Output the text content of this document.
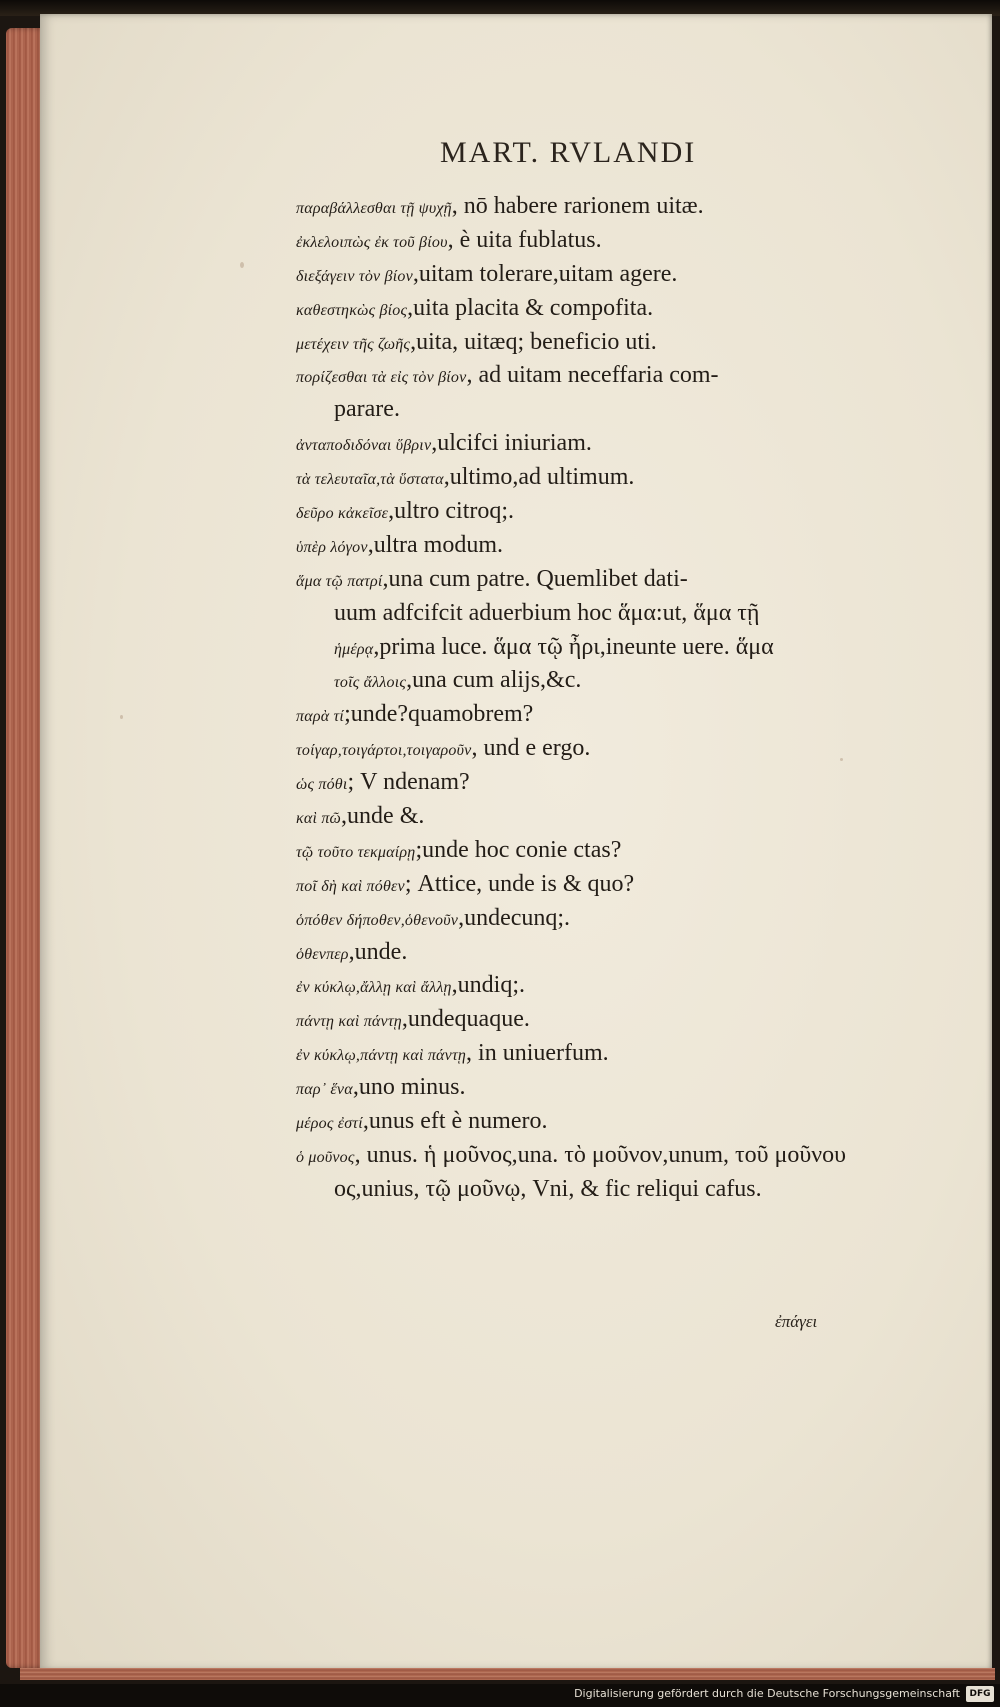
MART. RVLANDI
παραβάλλεσθαι τῇ ψυχῇ, nō habere rarionem uitæ.
ἐκλελοιπὼς ἐκ τοῦ βίου, è uita fublatus.
διεξάγειν τὸν βίον,uitam tolerare,uitam agere.
καθεστηκὼς βίος,uita placita & compofita.
μετέχειν τῆς ζωῆς,uita, uitæq; beneficio uti.
πορίζεσθαι τὰ εἰς τὸν βίον, ad uitam neceffaria com-
parare.
ἀνταποδιδόναι ὕβριν,ulcifci iniuriam.
τὰ τελευταῖα,τὰ ὕστατα,ultimo,ad ultimum.
δεῦρο κἀκεῖσε,ultro citroq;.
ὑπὲρ λόγον,ultra modum.
ἅμα τῷ πατρί,una cum patre. Quemlibet dati-
uum adfcifcit aduerbium hoc ἅμα:ut, ἅμα τῇ
ἡμέρᾳ,prima luce. ἅμα τῷ ἦρι,ineunte uere. ἅμα
τοῖς ἄλλοις,una cum alijs,&c.
παρὰ τί;unde?quamobrem?
τοίγαρ,τοιγάρτοι,τοιγαροῦν, und e ergo.
ὡς πόθι; V ndenam?
καὶ πῶ,unde &.
τῷ τοῦτο τεκμαίρῃ;unde hoc conie ctas?
ποῖ δὴ καὶ πόθεν; Attice, unde is & quo?
ὁπόθεν δήποθεν,ὁθενοῦν,undecunq;.
ὁθενπερ,unde.
ἐν κύκλῳ,ἄλλῃ καὶ ἄλλῃ,undiq;.
πάντῃ καὶ πάντῃ,undequaque.
ἐν κύκλῳ,πάντῃ καὶ πάντῃ, in uniuerfum.
παρ᾽ ἕνα,uno minus.
μέρος ἐστί,unus eft è numero.
ὁ μοῦνος, unus. ἡ μοῦνος,una. τὸ μοῦνον,unum, τοῦ μοῦνου
ος,unius, τῷ μοῦνῳ, Vni, & fic reliqui cafus.
ἐπάγει
Digitalisierung gefördert durch die Deutsche Forschungsgemeinschaft	DFG
